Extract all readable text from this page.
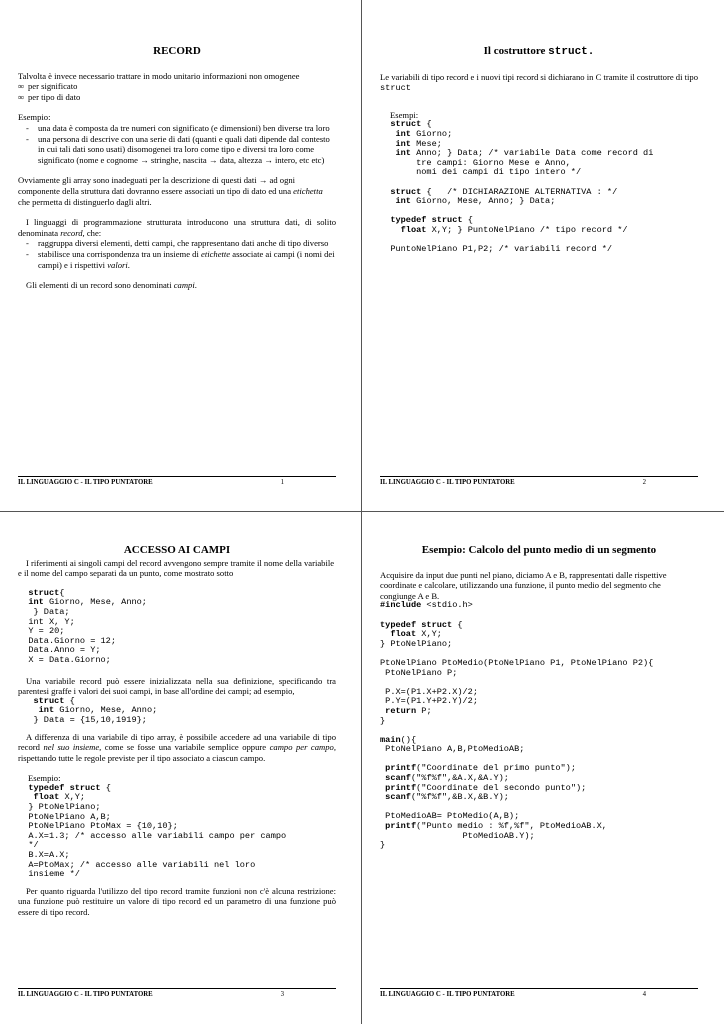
RECORD

Talvolta è invece necessario trattare in modo unitario informazioni non omogenee

∞ per significato
∞ per tipo di dato

Esempio:

-	una data è composta da tre numeri con significato (e dimensioni) ben diverse tra loro
-	una persona di descrive con una serie di dati (quanti e quali dati dipende dal contesto in cui tali dati sono usati) disomogenei tra loro come tipo e diversi tra loro come significato (nome e cognome → stringhe, nascita → data, altezza → intero, etc etc)

Ovviamente gli array sono inadeguati per la descrizione di questi dati → ad ogni componente della struttura dati dovranno essere associati un tipo di dato ed una etichetta che permetta di distinguerlo dagli altri.

I linguaggi di programmazione strutturata introducono una struttura dati, di solito denominata record, che:

-	raggruppa diversi elementi, detti campi, che rappresentano dati anche di tipo diverso
-	stabilisce una corrispondenza tra un insieme di etichette associate ai campi (i nomi dei campi) e i rispettivi valori.

Gli elementi di un record sono denominati campi.

IL LINGUAGGIO C - IL TIPO PUNTATORE	1
Il costruttore struct.

Le variabili di tipo record e i nuovi tipi record si dichiarano in C tramite il costruttore di tipo struct

Esempi:

struct {
int Giorno;
int Mese;
int Anno; } Data; /* variabile Data come record di
tre campi: Giorno Mese e Anno,
nomi dei campi di tipo intero */

struct {   /* DICHIARAZIONE ALTERNATIVA : */
int Giorno, Mese, Anno; } Data;

typedef struct {
float X,Y; } PuntoNelPiano /* tipo record */

PuntoNelPiano P1,P2; /* variabili record */
IL LINGUAGGIO C - IL TIPO PUNTATORE	2
ACCESSO AI CAMPI

I riferimenti ai singoli campi del record avvengono sempre tramite il nome della variabile e il nome del campo separati da un punto, come mostrato sotto

struct{
int Giorno, Mese, Anno;
} Data;
int X, Y;
Y = 20;
Data.Giorno = 12;
Data.Anno = Y;
X = Data.Giorno;

Una variabile record può essere inizializzata nella sua definizione, specificando tra parentesi graffe i valori dei suoi campi, in base all'ordine dei campi; ad esempio,

struct {
int Giorno, Mese, Anno;
} Data = {15,10,1919};

A differenza di una variabile di tipo array, è possibile accedere ad una variabile di tipo record nel suo insieme, come se fosse una variabile semplice oppure campo per campo, rispettando tutte le regole previste per il tipo associato a ciascun campo.

Esempio:

typedef struct {
float X,Y;
} PtoNelPiano;
PtoNelPiano A,B;
PtoNelPiano PtoMax = {10,10};
A.X=1.3; /* accesso alle variabili campo per campo
*/
B.X=A.X;
A=PtoMax; /* accesso alle variabili nel loro
insieme */

Per quanto riguarda l'utilizzo del tipo record tramite funzioni non c'è alcuna restrizione: una funzione può restituire un valore di tipo record ed un parametro di una funzione può essere di tipo record.

IL LINGUAGGIO C - IL TIPO PUNTATORE	3
Esempio: Calcolo del punto medio di un segmento

Acquisire da input due punti nel piano, diciamo A e B, rappresentati dalle rispettive coordinate e calcolare, utilizzando una funzione, il punto medio del segmento che congiunge A e B.

#include <stdio.h>

typedef struct {
float X,Y;
} PtoNelPiano;

PtoNelPiano PtoMedio(PtoNelPiano P1, PtoNelPiano P2){
PtoNelPiano P;

P.X=(P1.X+P2.X)/2;
P.Y=(P1.Y+P2.Y)/2;
return P;
}

main(){
PtoNelPiano A,B,PtoMedioAB;

printf("Coordinate del primo punto");
scanf("%f%f",&A.X,&A.Y);
printf("Coordinate del secondo punto");
scanf("%f%f",&B.X,&B.Y);

PtoMedioAB= PtoMedio(A,B);
printf("Punto medio : %f,%f", PtoMedioAB.X,
PtoMedioAB.Y);
}
IL LINGUAGGIO C - IL TIPO PUNTATORE	4
